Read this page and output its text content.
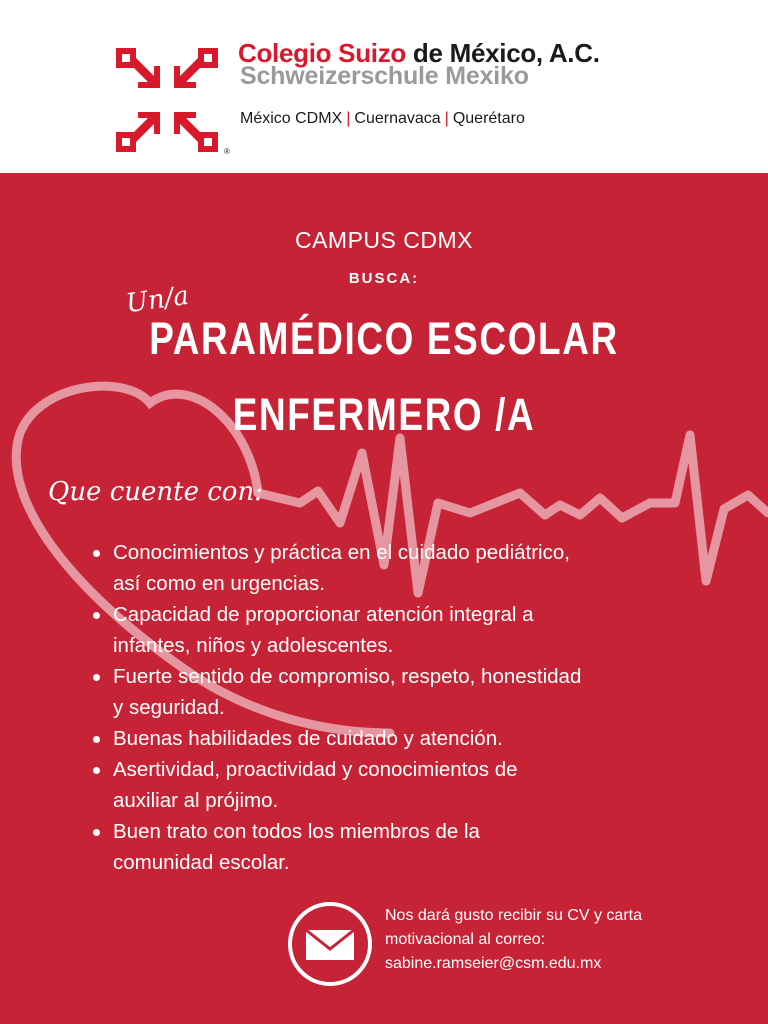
®
Colegio Suizo de México, A.C.
Schweizerschule Mexiko
México CDMX | Cuernavaca | Querétaro
CAMPUS CDMX
BUSCA:
Un/a
PARAMÉDICO ESCOLAR
ENFERMERO /A
Que cuente con:
Conocimientos y práctica en el cuidado pediátrico,
así como en urgencias.
Capacidad de proporcionar atención integral a
infantes, niños y adolescentes.
Fuerte sentido de compromiso, respeto, honestidad
y seguridad.
Buenas habilidades de cuidado y atención.
Asertividad, proactividad y conocimientos de
auxiliar al prójimo.
Buen trato con todos los miembros de la
comunidad escolar.
Nos dará gusto recibir su CV y carta
motivacional al correo:
sabine.ramseier@csm.edu.mx
